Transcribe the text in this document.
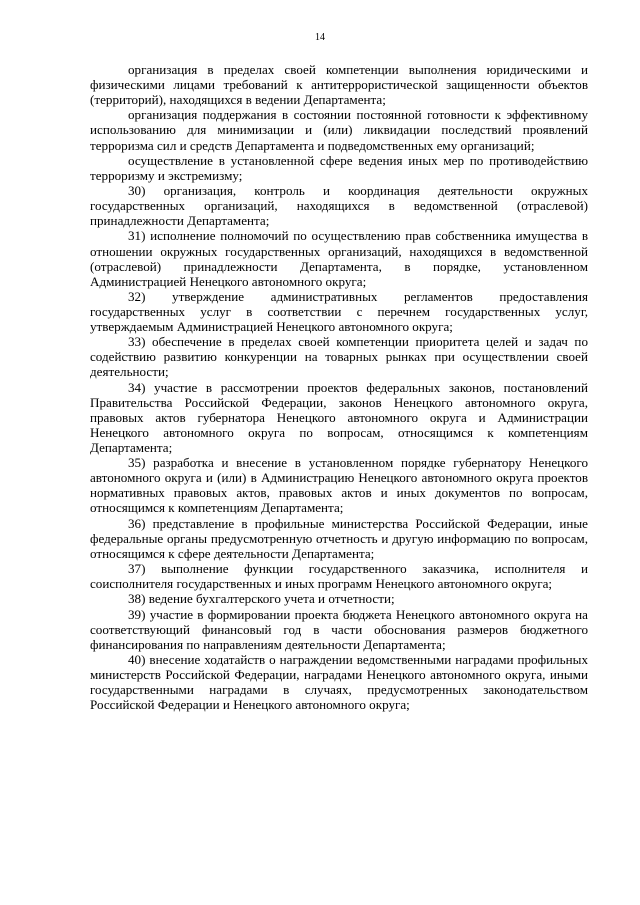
14

организация в пределах своей компетенции выполнения юридическими и физическими лицами требований к антитеррористической защищенности объектов (территорий), находящихся в ведении Департамента;

организация поддержания в состоянии постоянной готовности к эффективному использованию для минимизации и (или) ликвидации последствий проявлений терроризма сил и средств Департамента и подведомственных ему организаций;

осуществление в установленной сфере ведения иных мер по противодействию терроризму и экстремизму;

30) организация, контроль и координация деятельности окружных государственных организаций, находящихся в ведомственной (отраслевой) принадлежности Департамента;

31) исполнение полномочий по осуществлению прав собственника имущества в отношении окружных государственных организаций, находящихся в ведомственной (отраслевой) принадлежности Департамента, в порядке, установленном Администрацией Ненецкого автономного округа;

32) утверждение административных регламентов предоставления государственных услуг в соответствии с перечнем государственных услуг, утверждаемым Администрацией Ненецкого автономного округа;

33) обеспечение в пределах своей компетенции приоритета целей и задач по содействию развитию конкуренции на товарных рынках при осуществлении своей деятельности;

34) участие в рассмотрении проектов федеральных законов, постановлений Правительства Российской Федерации, законов Ненецкого автономного округа, правовых актов губернатора Ненецкого автономного округа и Администрации Ненецкого автономного округа по вопросам, относящимся к компетенциям Департамента;

35) разработка и внесение в установленном порядке губернатору Ненецкого автономного округа и (или) в Администрацию Ненецкого автономного округа проектов нормативных правовых актов, правовых актов и иных документов по вопросам, относящимся к компетенциям Департамента;

36) представление в профильные министерства Российской Федерации, иные федеральные органы предусмотренную отчетность и другую информацию по вопросам, относящимся к сфере деятельности Департамента;

37) выполнение функции государственного заказчика, исполнителя и соисполнителя государственных и иных программ Ненецкого автономного округа;

38) ведение бухгалтерского учета и отчетности;

39) участие в формировании проекта бюджета Ненецкого автономного округа на соответствующий финансовый год в части обоснования размеров бюджетного финансирования по направлениям деятельности Департамента;

40) внесение ходатайств о награждении ведомственными наградами профильных министерств Российской Федерации, наградами Ненецкого автономного округа, иными государственными наградами в случаях, предусмотренных законодательством Российской Федерации и Ненецкого автономного округа;
